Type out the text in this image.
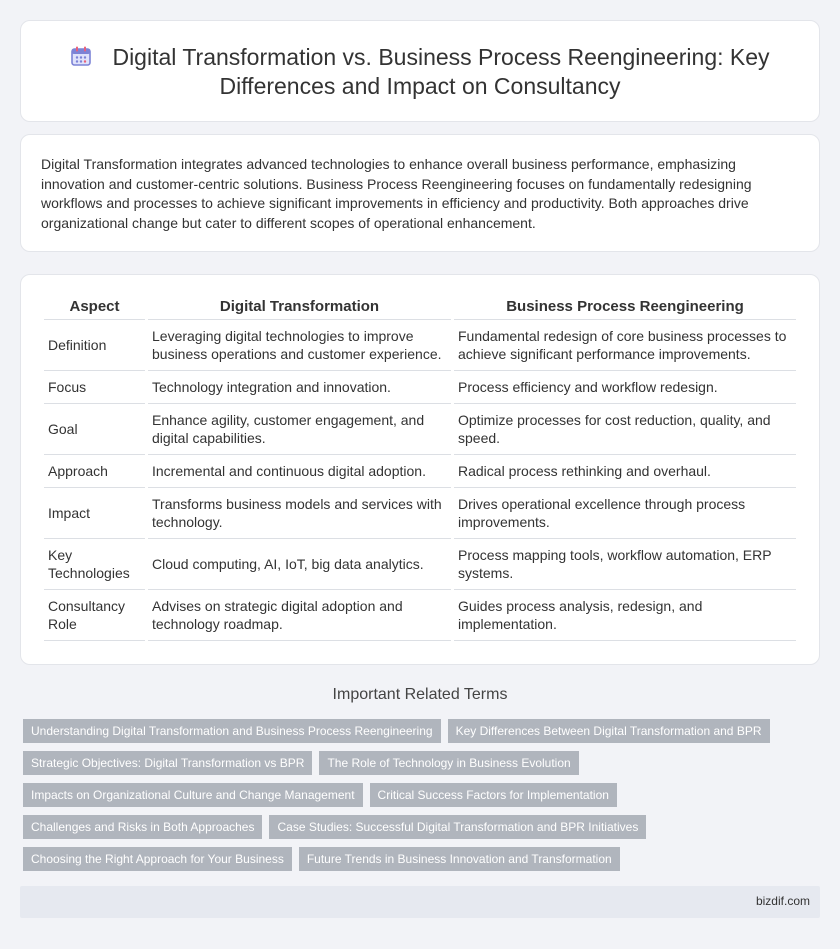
Digital Transformation vs. Business Process Reengineering: Key Differences and Impact on Consultancy

Digital Transformation integrates advanced technologies to enhance overall business performance, emphasizing innovation and customer-centric solutions. Business Process Reengineering focuses on fundamentally redesigning workflows and processes to achieve significant improvements in efficiency and productivity. Both approaches drive organizational change but cater to different scopes of operational enhancement.

Aspect	Digital Transformation	Business Process Reengineering
Definition	Leveraging digital technologies to improve business operations and customer experience.	Fundamental redesign of core business processes to achieve significant performance improvements.
Focus	Technology integration and innovation.	Process efficiency and workflow redesign.
Goal	Enhance agility, customer engagement, and digital capabilities.	Optimize processes for cost reduction, quality, and speed.
Approach	Incremental and continuous digital adoption.	Radical process rethinking and overhaul.
Impact	Transforms business models and services with technology.	Drives operational excellence through process improvements.
Key Technologies	Cloud computing, AI, IoT, big data analytics.	Process mapping tools, workflow automation, ERP systems.
Consultancy Role	Advises on strategic digital adoption and technology roadmap.	Guides process analysis, redesign, and implementation.
Important Related Terms
Understanding Digital Transformation and Business Process Reengineering Key Differences Between Digital Transformation and BPR
Strategic Objectives: Digital Transformation vs BPR The Role of Technology in Business Evolution
Impacts on Organizational Culture and Change Management Critical Success Factors for Implementation
Challenges and Risks in Both Approaches Case Studies: Successful Digital Transformation and BPR Initiatives
Choosing the Right Approach for Your Business Future Trends in Business Innovation and Transformation
bizdif.com
